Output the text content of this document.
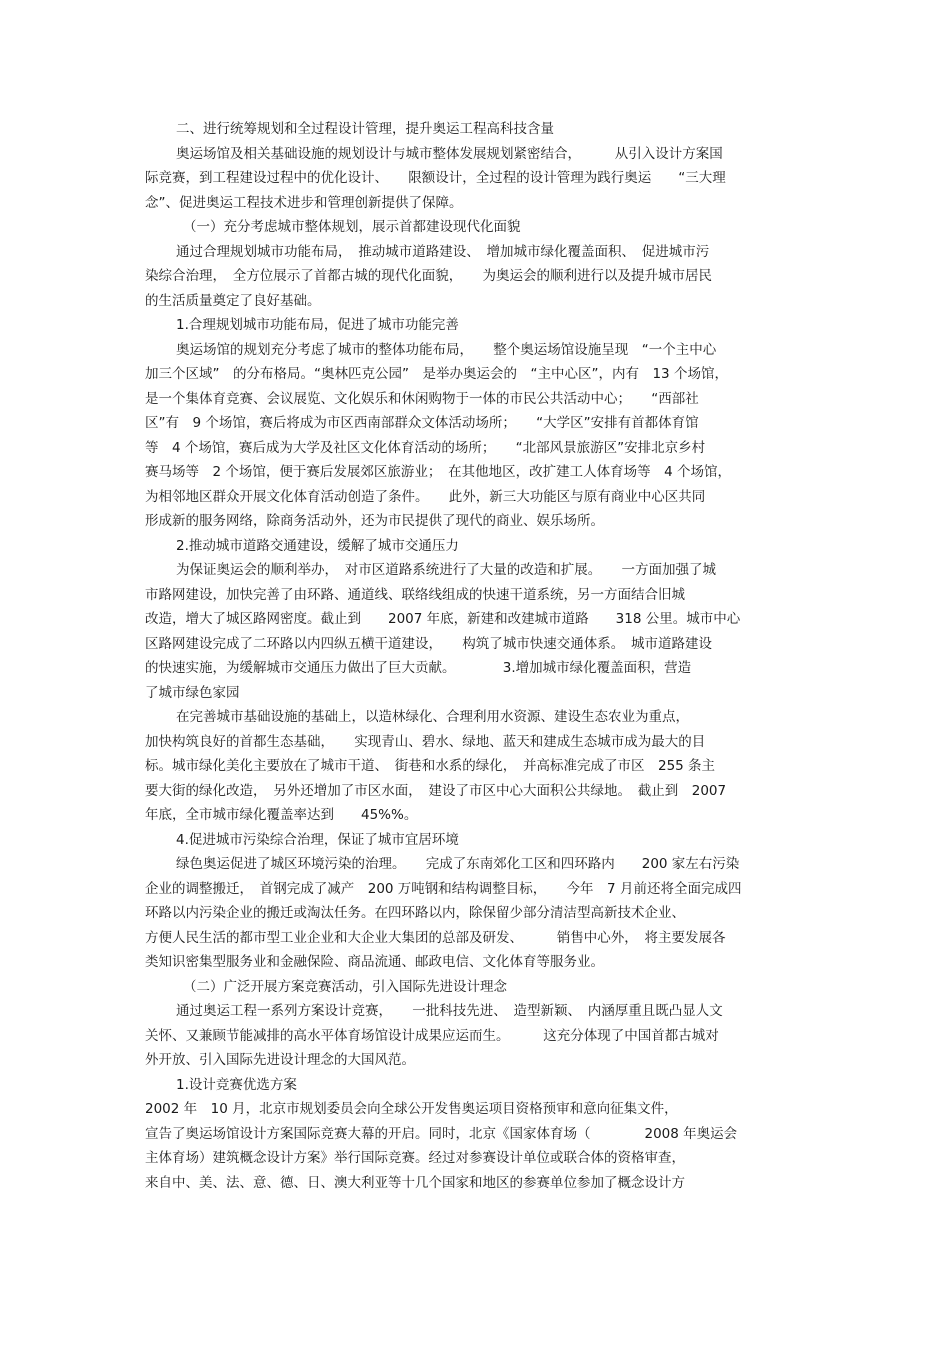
二、进行统筹规划和全过程设计管理，提升奥运工程高科技含量
奥运场馆及相关基础设施的规划设计与城市整体发展规划紧密结合，　　　从引入设计方案国
际竞赛，到工程建设过程中的优化设计、　　限额设计，全过程的设计管理为践行奥运　　“三大理
念”、促进奥运工程技术进步和管理创新提供了保障。
（一）充分考虑城市整体规划，展示首都建设现代化面貌
通过合理规划城市功能布局，　推动城市道路建设、　增加城市绿化覆盖面积、　促进城市污
染综合治理，　全方位展示了首都古城的现代化面貌，　　为奥运会的顺利进行以及提升城市居民
的生活质量奠定了良好基础。
1.合理规划城市功能布局，促进了城市功能完善
奥运场馆的规划充分考虑了城市的整体功能布局，　　整个奥运场馆设施呈现　“一个主中心
加三个区域”　的分布格局。“奥林匹克公园”　是举办奥运会的　“主中心区”，内有　13 个场馆，
是一个集体育竞赛、会议展览、文化娱乐和休闲购物于一体的市民公共活动中心；　　“西部社
区”有　9 个场馆，赛后将成为市区西南部群众文体活动场所；　　“大学区”安排有首都体育馆
等　4 个场馆，赛后成为大学及社区文化体育活动的场所；　　“北部风景旅游区”安排北京乡村
赛马场等　2 个场馆，便于赛后发展郊区旅游业；　在其他地区，改扩建工人体育场等　4 个场馆，
为相邻地区群众开展文化体育活动创造了条件。　　此外，新三大功能区与原有商业中心区共同
形成新的服务网络，除商务活动外，还为市民提供了现代的商业、娱乐场所。
2.推动城市道路交通建设，缓解了城市交通压力
为保证奥运会的顺利举办，　对市区道路系统进行了大量的改造和扩展。　　一方面加强了城
市路网建设，加快完善了由环路、通道线、联络线组成的快速干道系统，另一方面结合旧城
改造，增大了城区路网密度。截止到　　2007 年底，新建和改建城市道路　　318 公里。城市中心
区路网建设完成了二环路以内四纵五横干道建设，　　构筑了城市快速交通体系。　城市道路建设
的快速实施，为缓解城市交通压力做出了巨大贡献。　　　　3.增加城市绿化覆盖面积，营造
了城市绿色家园
在完善城市基础设施的基础上，以造林绿化、合理利用水资源、建设生态农业为重点，
加快构筑良好的首都生态基础，　　实现青山、碧水、绿地、蓝天和建成生态城市成为最大的目
标。城市绿化美化主要放在了城市干道、　街巷和水系的绿化，　并高标准完成了市区　255 条主
要大街的绿化改造，　另外还增加了市区水面，　建设了市区中心大面积公共绿地。　截止到　2007
年底，全市城市绿化覆盖率达到　　45%%。
4.促进城市污染综合治理，保证了城市宜居环境
绿色奥运促进了城区环境污染的治理。　　完成了东南郊化工区和四环路内　　200 家左右污染
企业的调整搬迁，　首钢完成了减产　200 万吨钢和结构调整目标，　　今年　7 月前还将全面完成四
环路以内污染企业的搬迁或淘汰任务。在四环路以内，除保留少部分清洁型高新技术企业、
方便人民生活的都市型工业企业和大企业大集团的总部及研发、　　　销售中心外，　将主要发展各
类知识密集型服务业和金融保险、商品流通、邮政电信、文化体育等服务业。
（二）广泛开展方案竞赛活动，引入国际先进设计理念
通过奥运工程一系列方案设计竞赛，　　一批科技先进、　造型新颖、　内涵厚重且既凸显人文
关怀、又兼顾节能减排的高水平体育场馆设计成果应运而生。　　　这充分体现了中国首都古城对
外开放、引入国际先进设计理念的大国风范。
1.设计竞赛优选方案
2002 年　10 月，北京市规划委员会向全球公开发售奥运项目资格预审和意向征集文件，
宣告了奥运场馆设计方案国际竞赛大幕的开启。同时，北京《国家体育场（　　　　2008 年奥运会
主体育场）建筑概念设计方案》举行国际竞赛。经过对参赛设计单位或联合体的资格审查，
来自中、美、法、意、德、日、澳大利亚等十几个国家和地区的参赛单位参加了概念设计方
